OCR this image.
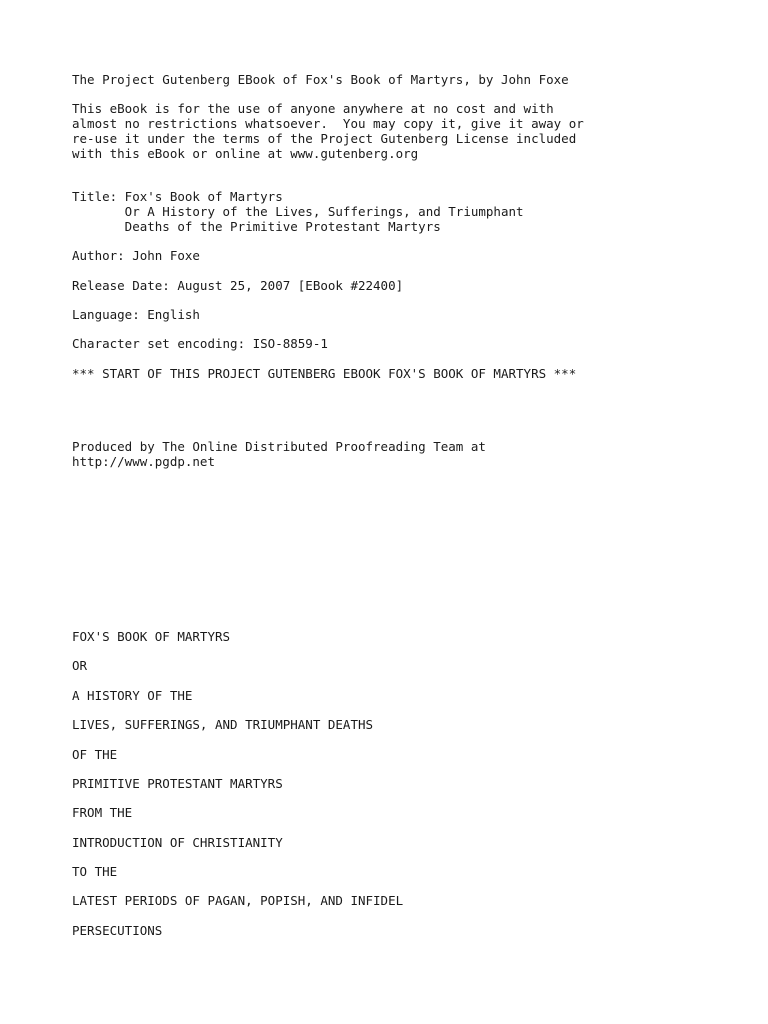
The Project Gutenberg EBook of Fox's Book of Martyrs, by John Foxe

This eBook is for the use of anyone anywhere at no cost and with

almost no restrictions whatsoever.  You may copy it, give it away or

re-use it under the terms of the Project Gutenberg License included

with this eBook or online at www.gutenberg.org

Title: Fox's Book of Martyrs

Or A History of the Lives, Sufferings, and Triumphant

Deaths of the Primitive Protestant Martyrs

Author: John Foxe

Release Date: August 25, 2007 [EBook #22400]

Language: English

Character set encoding: ISO-8859-1

*** START OF THIS PROJECT GUTENBERG EBOOK FOX'S BOOK OF MARTYRS ***

Produced by The Online Distributed Proofreading Team at

http://www.pgdp.net

FOX'S BOOK OF MARTYRS

OR

A HISTORY OF THE

LIVES, SUFFERINGS, AND TRIUMPHANT DEATHS

OF THE

PRIMITIVE PROTESTANT MARTYRS

FROM THE

INTRODUCTION OF CHRISTIANITY

TO THE

LATEST PERIODS OF PAGAN, POPISH, AND INFIDEL

PERSECUTIONS
